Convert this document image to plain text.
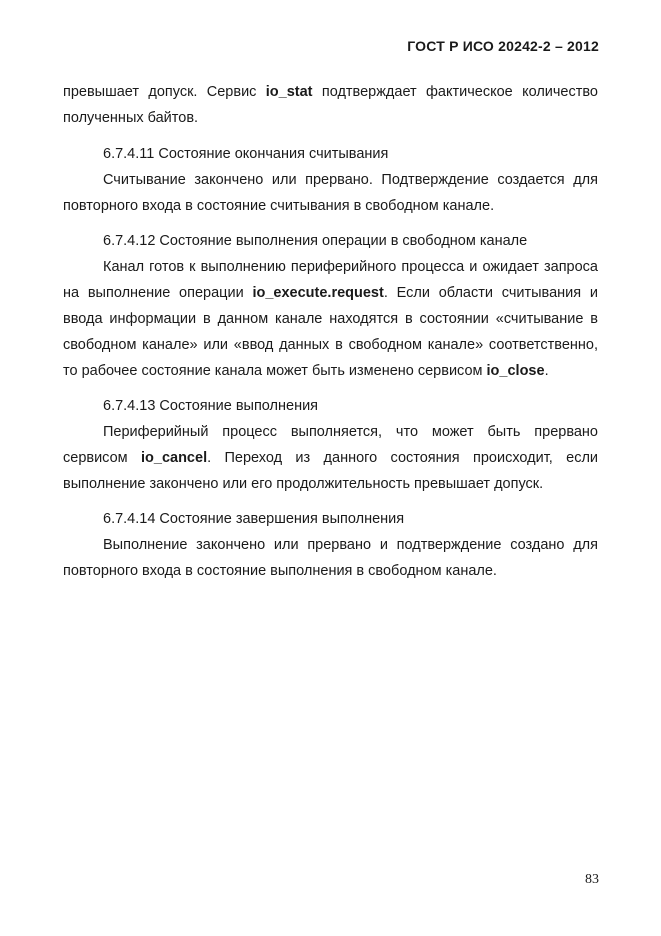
ГОСТ Р ИСО 20242-2 – 2012

превышает допуск. Сервис io_stat подтверждает фактическое количество полученных байтов.

6.7.4.11 Состояние окончания считывания

Считывание закончено или прервано. Подтверждение создается для повторного входа в состояние считывания в свободном канале.

6.7.4.12 Состояние выполнения операции в свободном канале

Канал готов к выполнению периферийного процесса и ожидает запроса на выполнение операции io_execute.request. Если области считывания и ввода информации в данном канале находятся в состоянии «считывание в свободном канале» или «ввод данных в свободном канале» соответственно, то рабочее состояние канала может быть изменено сервисом io_close.

6.7.4.13 Состояние выполнения

Периферийный процесс выполняется, что может быть прервано сервисом io_cancel. Переход из данного состояния происходит, если выполнение закончено или его продолжительность превышает допуск.

6.7.4.14 Состояние завершения выполнения

Выполнение закончено или прервано и подтверждение создано для повторного входа в состояние выполнения в свободном канале.

83
